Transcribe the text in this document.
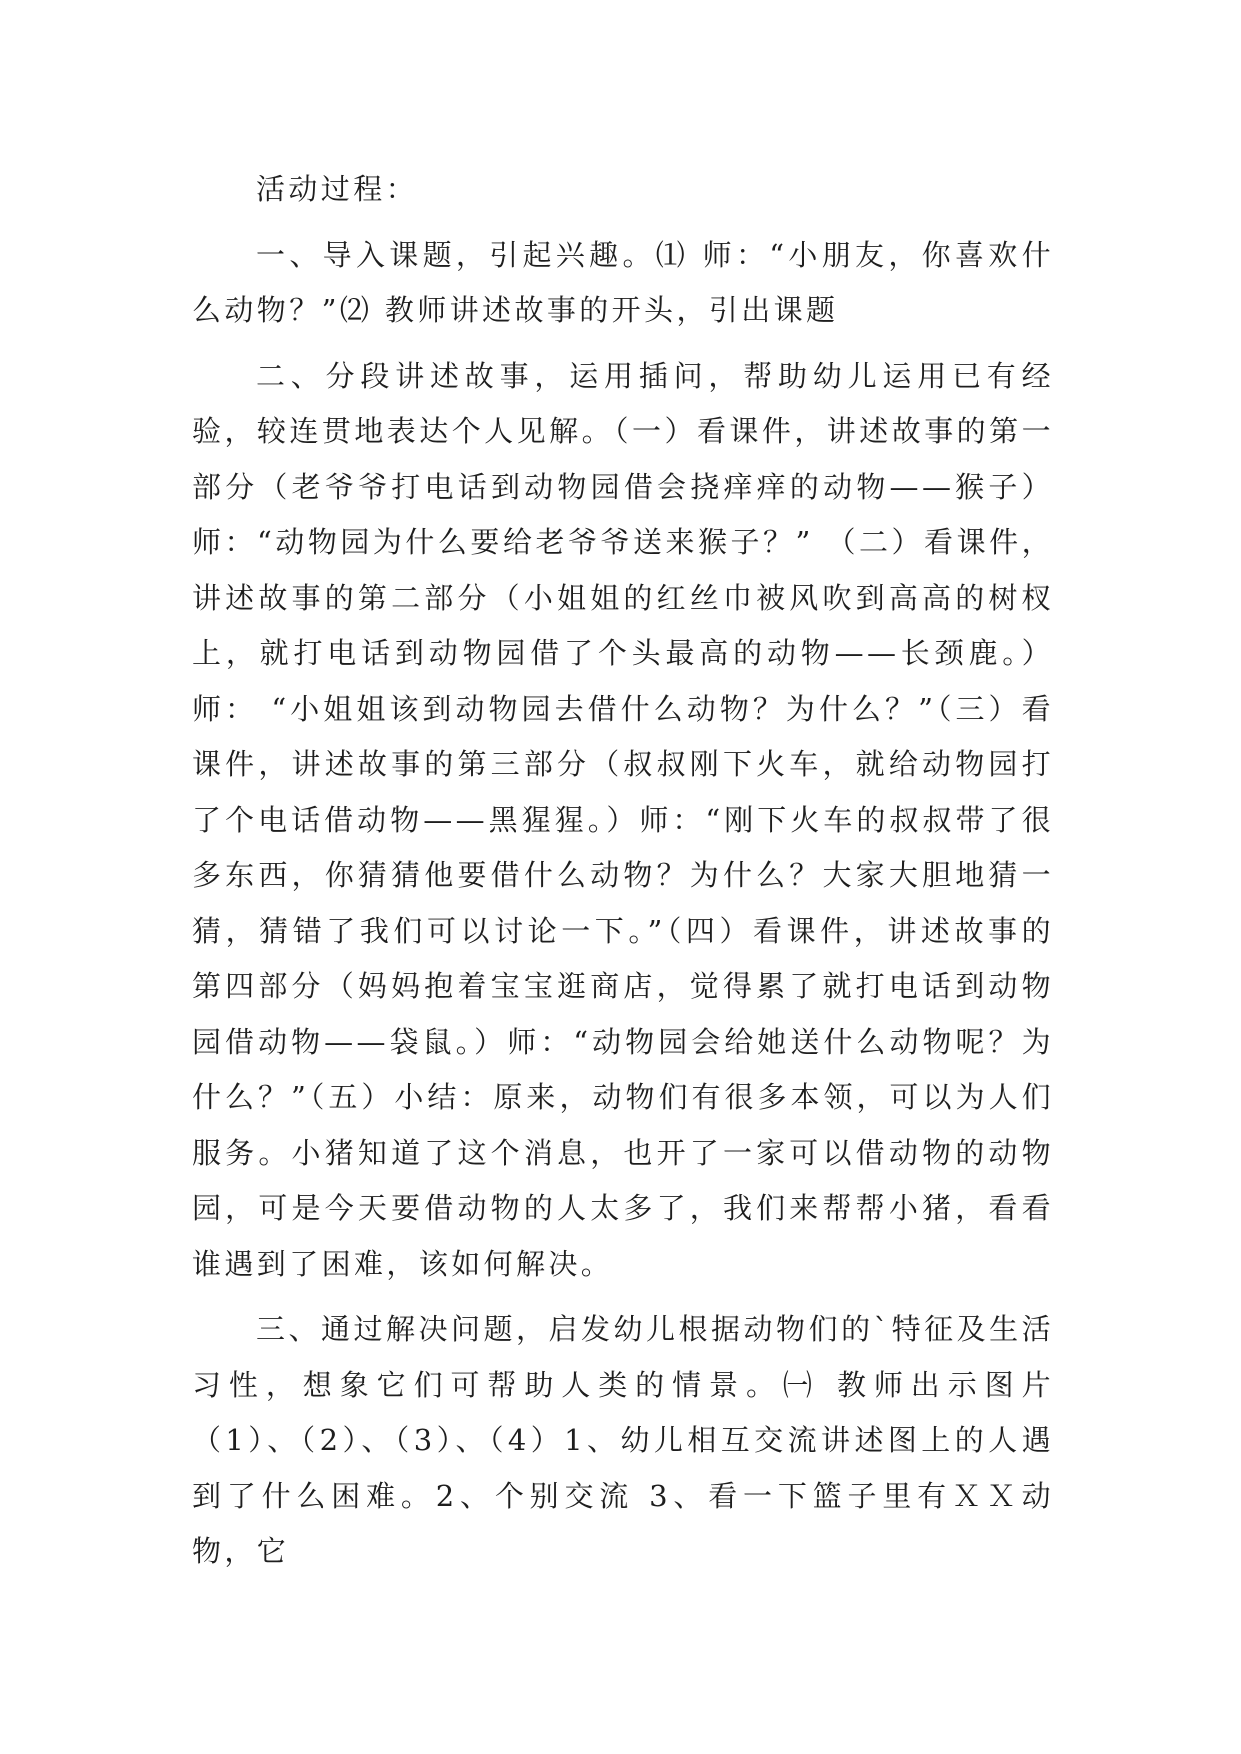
活动过程：

一、导入课题，引起兴趣。⑴ 师：“小朋友，你喜欢什么动物？”⑵ 教师讲述故事的开头，引出课题

二、分段讲述故事，运用插问，帮助幼儿运用已有经验，较连贯地表达个人见解。（一）看课件，讲述故事的第一部分（老爷爷打电话到动物园借会挠痒痒的动物——猴子）师：“动物园为什么要给老爷爷送来猴子？” （二）看课件，讲述故事的第二部分（小姐姐的红丝巾被风吹到高高的树杈上，就打电话到动物园借了个头最高的动物——长颈鹿。）师： “小姐姐该到动物园去借什么动物？为什么？”（三）看课件，讲述故事的第三部分（叔叔刚下火车，就给动物园打了个电话借动物——黑猩猩。）师：“刚下火车的叔叔带了很多东西，你猜猜他要借什么动物？为什么？大家大胆地猜一猜，猜错了我们可以讨论一下。”（四）看课件，讲述故事的第四部分（妈妈抱着宝宝逛商店，觉得累了就打电话到动物园借动物——袋鼠。）师：“动物园会给她送什么动物呢？为什么？”（五）小结：原来，动物们有很多本领，可以为人们服务。小猪知道了这个消息，也开了一家可以借动物的动物园，可是今天要借动物的人太多了，我们来帮帮小猪，看看谁遇到了困难，该如何解决。

三、通过解决问题，启发幼儿根据动物们的`特征及生活习性，想象它们可帮助人类的情景。㈠ 教师出示图片（1）、（2）、（3）、（4）1、幼儿相互交流讲述图上的人遇到了什么困难。2、个别交流 3、看一下篮子里有ＸＸ动物，它
